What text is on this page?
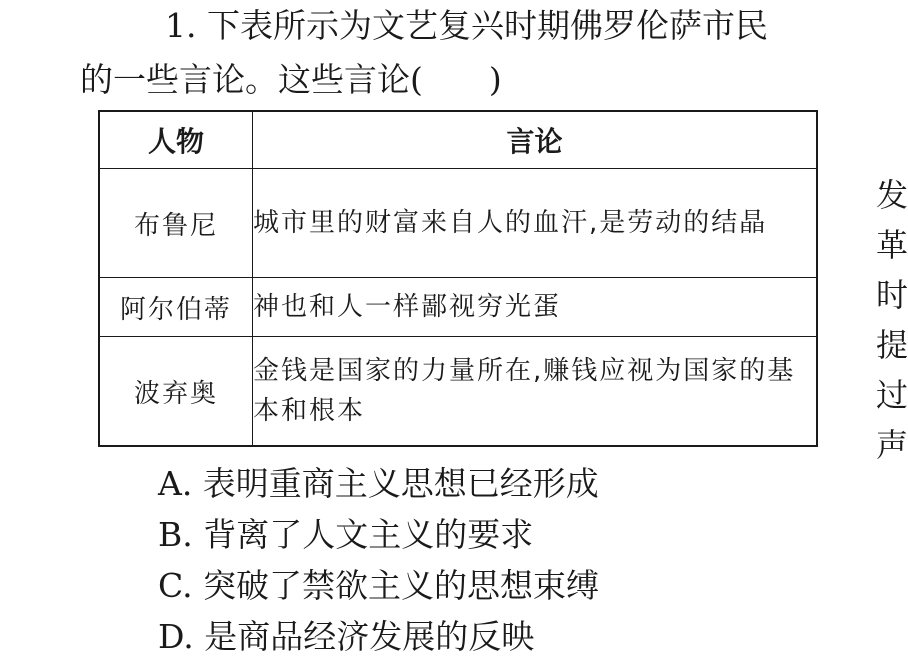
1. 下表所示为文艺复兴时期佛罗伦萨市民
的一些言论。这些言论(　　)
人物	言论
布鲁尼	城市里的财富来自人的血汗,是劳动的结晶
阿尔伯蒂	神也和人一样鄙视穷光蛋
波弃奥	金钱是国家的力量所在,赚钱应视为国家的基本和根本
A. 表明重商主义思想已经形成
B. 背离了人文主义的要求
C. 突破了禁欲主义的思想束缚
D. 是商品经济发展的反映
发
革
时
提
过
声
